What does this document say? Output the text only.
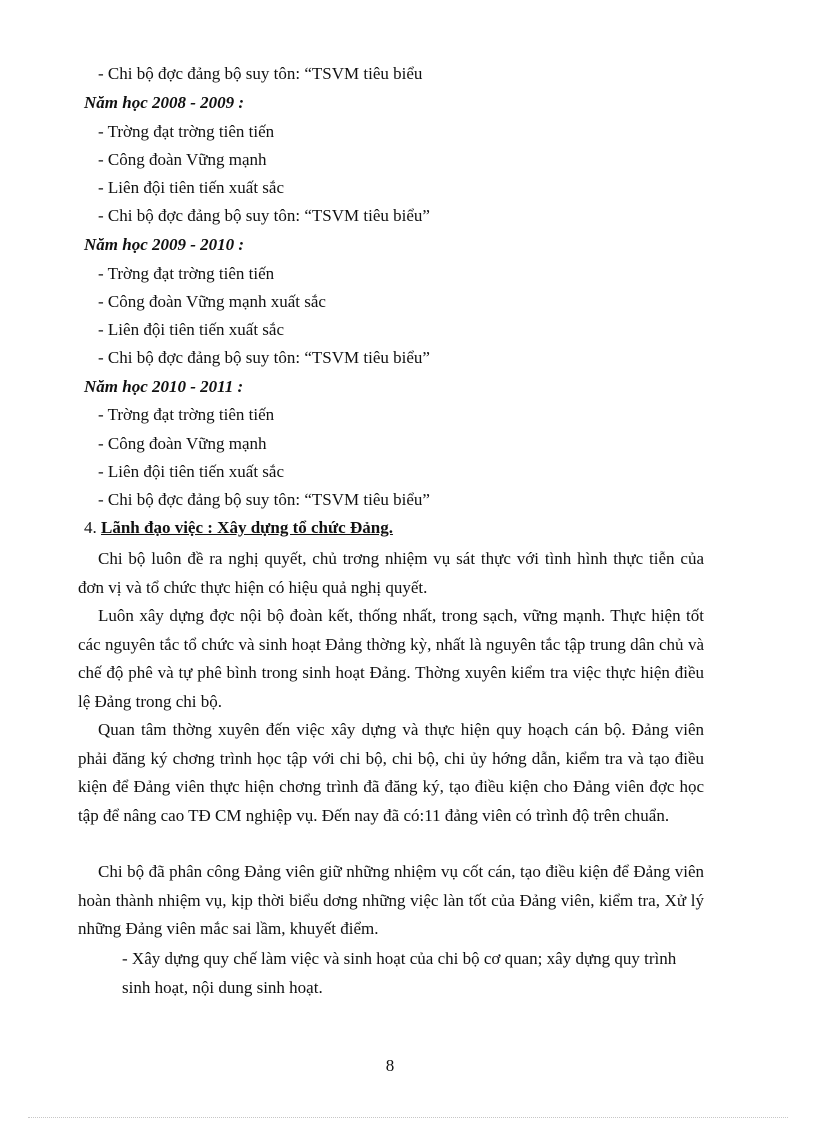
- Chi bộ đợc đảng bộ suy tôn: “TSVM tiêu biểu
Năm học 2008 - 2009 :
- Trờng đạt trờng tiên tiến
- Công đoàn Vững mạnh
- Liên đội tiên tiến xuất sắc
- Chi bộ đợc đảng bộ suy tôn: “TSVM tiêu biểu”
Năm học 2009 - 2010 :
- Trờng đạt trờng tiên tiến
- Công đoàn Vững mạnh xuất sắc
- Liên đội tiên tiến xuất sắc
- Chi bộ đợc đảng bộ suy tôn: “TSVM tiêu biểu”
Năm học 2010 - 2011 :
- Trờng đạt trờng tiên tiến
- Công đoàn Vững mạnh
- Liên đội tiên tiến xuất sắc
- Chi bộ đợc đảng bộ suy tôn: “TSVM tiêu biểu”
4. Lãnh đạo việc : Xây dựng tổ chức Đảng.

Chi bộ luôn đề ra nghị quyết, chủ trơng nhiệm vụ sát thực với tình hình thực tiễn của đơn vị và tổ chức thực hiện có hiệu quả nghị quyết.

Luôn xây dựng đợc nội bộ đoàn kết, thống nhất, trong sạch, vững mạnh. Thực hiện tốt các nguyên tắc tổ chức và sinh hoạt Đảng thờng kỳ, nhất là nguyên tắc tập trung dân chủ và chế độ phê và tự phê bình trong sinh hoạt Đảng. Thờng xuyên kiểm tra việc thực hiện điều lệ Đảng trong chi bộ.

Quan tâm thờng xuyên đến việc xây dựng và thực hiện quy hoạch cán bộ. Đảng viên phải đăng ký chơng trình học tập với chi bộ, chi bộ, chi ủy hớng dẫn, kiểm tra và tạo điều kiện để Đảng viên thực hiện chơng trình đã đăng ký, tạo điều kiện cho Đảng viên đợc học tập để nâng cao TĐ CM nghiệp vụ. Đến nay đã có:11 đảng viên có trình độ trên chuẩn.

Chi bộ đã phân công Đảng viên giữ những nhiệm vụ cốt cán, tạo điều kiện để Đảng viên hoàn thành nhiệm vụ, kịp thời biểu dơng những việc làn tốt của Đảng viên, kiểm tra, Xử lý những Đảng viên mắc sai lầm, khuyết điểm.

- Xây dựng quy chế làm việc và sinh hoạt của chi bộ cơ quan; xây dựng quy trình sinh hoạt, nội dung sinh hoạt.

8
